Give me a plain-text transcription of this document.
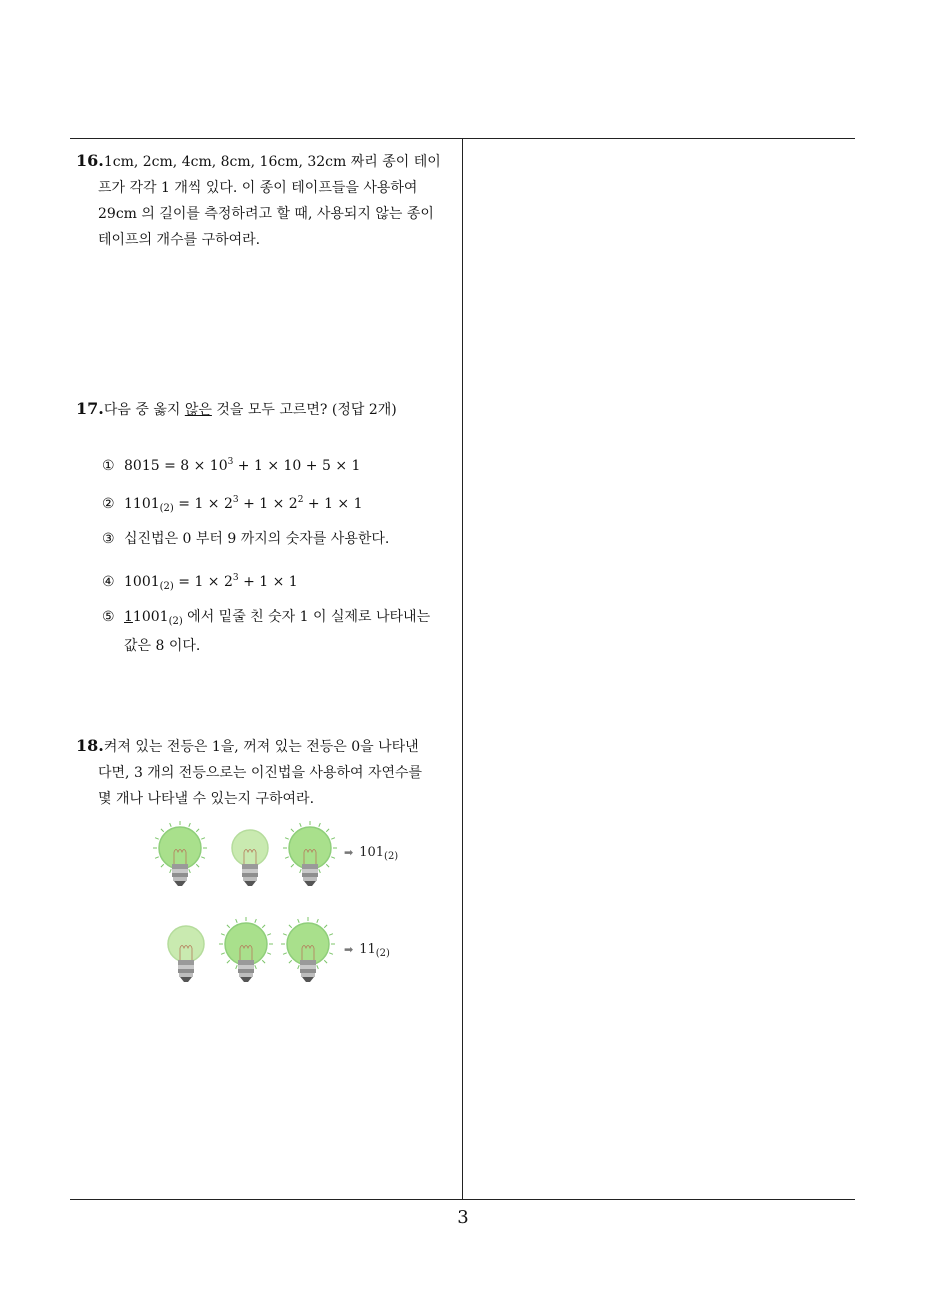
16.1cm, 2cm, 4cm, 8cm, 16cm, 32cm 짜리 종이 테이

프가 각각 1 개씩 있다. 이 종이 테이프들을 사용하여

29cm 의 길이를 측정하려고 할 때, 사용되지 않는 종이

테이프의 개수를 구하여라.

17.다음 중 옳지 않은 것을 모두 고르면? (정답 2개)

① $8015 = 8 \times 10^3 + 1 \times 10 + 5 \times 1$
② $1101_{(2)} = 1 \times 2^3 + 1 \times 2^2 + 1 \times 1$
③ 십진법은 0 부터 9 까지의 숫자를 사용한다.
④ $1001_{(2)} = 1 \times 2^3 + 1 \times 1$
⑤ $11001_{(2)}$ 에서 밑줄 친 숫자 1 이 실제로 나타내는
값은 8 이다.

18.켜져 있는 전등은 1을, 꺼져 있는 전등은 0을 나타낸

다면, 3 개의 전등으로는 이진법을 사용하여 자연수를

몇 개나 나타낼 수 있는지 구하여라.

➡ $101_{(2)}$
➡ $11_{(2)}$
3
